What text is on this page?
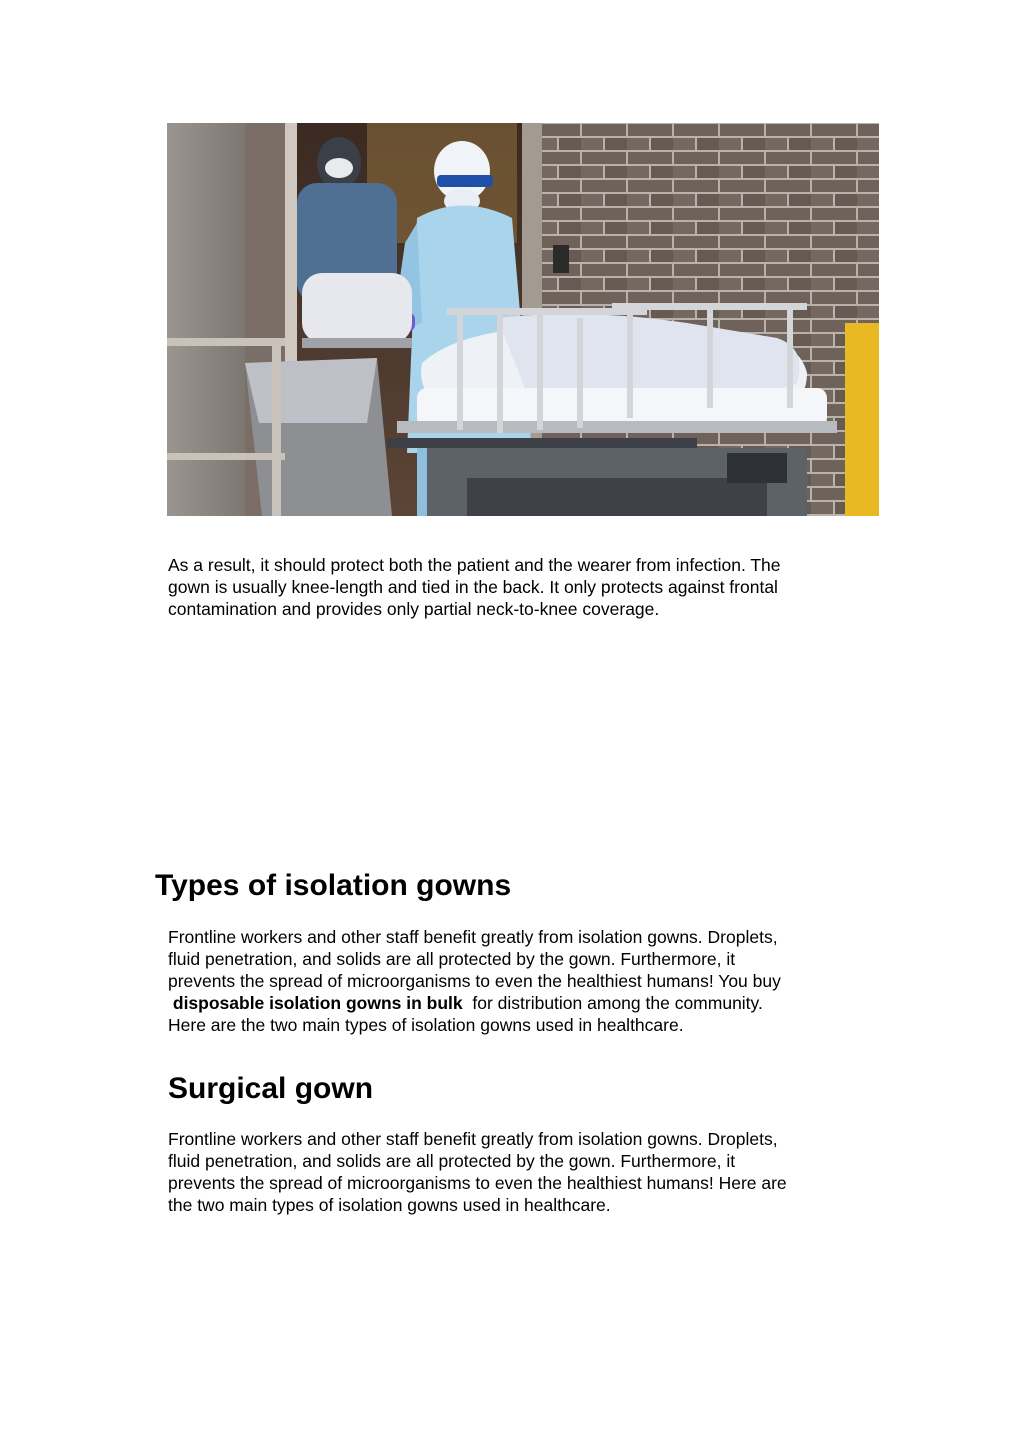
As a result, it should protect both the patient and the wearer from infection. The
gown is usually knee-length and tied in the back. It only protects against frontal
contamination and provides only partial neck-to-knee coverage.

Types of isolation gowns

Frontline workers and other staff benefit greatly from isolation gowns. Droplets,
fluid penetration, and solids are all protected by the gown. Furthermore, it
prevents the spread of microorganisms to even the healthiest humans! You buy
disposable isolation gowns in bulk for distribution among the community.
Here are the two main types of isolation gowns used in healthcare.

Surgical gown

Frontline workers and other staff benefit greatly from isolation gowns. Droplets,
fluid penetration, and solids are all protected by the gown. Furthermore, it
prevents the spread of microorganisms to even the healthiest humans! Here are
the two main types of isolation gowns used in healthcare.
